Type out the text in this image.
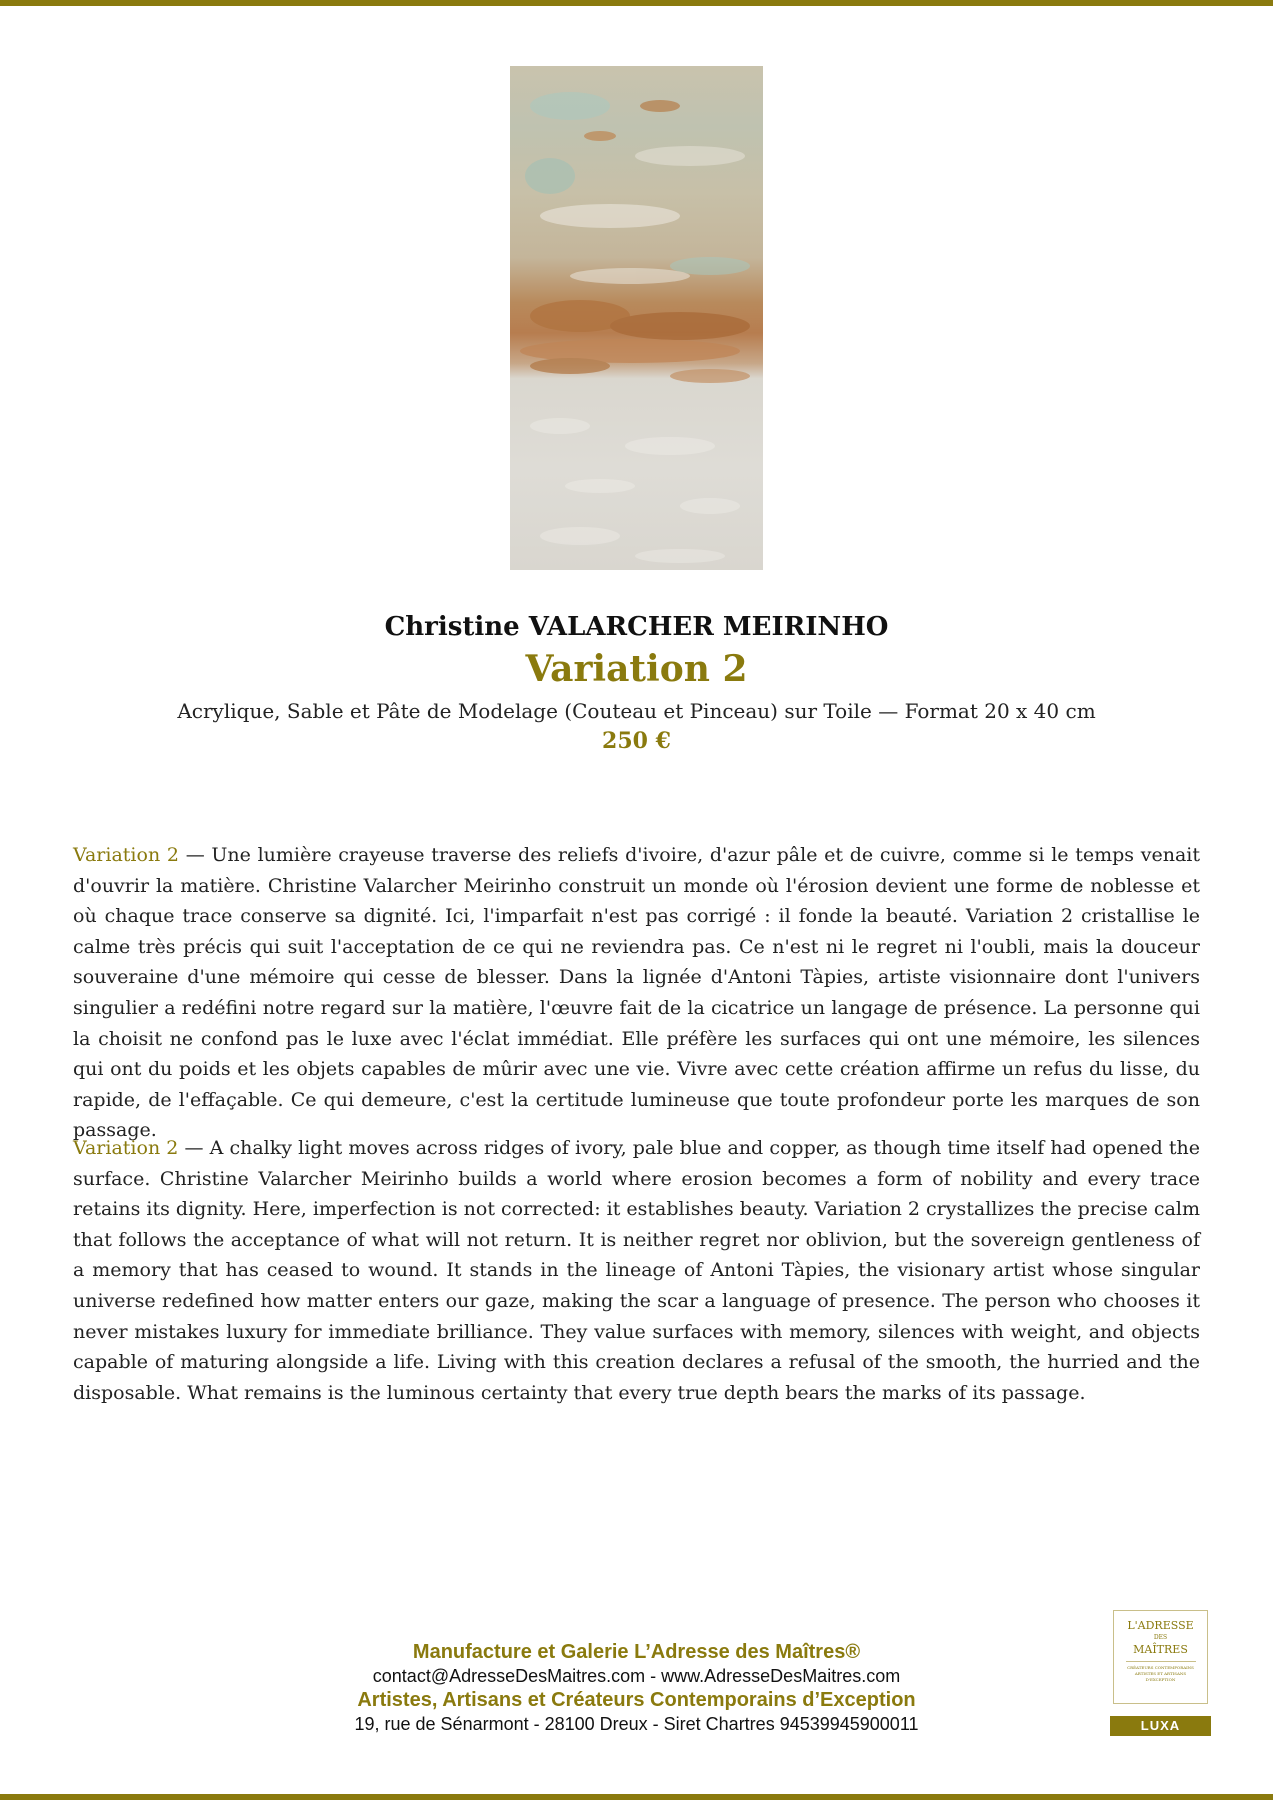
Christine VALARCHER MEIRINHO
Variation 2
Acrylique, Sable et Pâte de Modelage (Couteau et Pinceau) sur Toile — Format 20 x 40 cm
250 €

Variation 2 — Une lumière crayeuse traverse des reliefs d'ivoire, d'azur pâle et de cuivre, comme si le temps venait d'ouvrir la matière. Christine Valarcher Meirinho construit un monde où l'érosion devient une forme de noblesse et où chaque trace conserve sa dignité. Ici, l'imparfait n'est pas corrigé : il fonde la beauté. Variation 2 cristallise le calme très précis qui suit l'acceptation de ce qui ne reviendra pas. Ce n'est ni le regret ni l'oubli, mais la douceur souveraine d'une mémoire qui cesse de blesser. Dans la lignée d'Antoni Tàpies, artiste visionnaire dont l'univers singulier a redéfini notre regard sur la matière, l'œuvre fait de la cicatrice un langage de présence. La personne qui la choisit ne confond pas le luxe avec l'éclat immédiat. Elle préfère les surfaces qui ont une mémoire, les silences qui ont du poids et les objets capables de mûrir avec une vie. Vivre avec cette création affirme un refus du lisse, du rapide, de l'effaçable. Ce qui demeure, c'est la certitude lumineuse que toute profondeur porte les marques de son passage.

Variation 2 — A chalky light moves across ridges of ivory, pale blue and copper, as though time itself had opened the surface. Christine Valarcher Meirinho builds a world where erosion becomes a form of nobility and every trace retains its dignity. Here, imperfection is not corrected: it establishes beauty. Variation 2 crystallizes the precise calm that follows the acceptance of what will not return. It is neither regret nor oblivion, but the sovereign gentleness of a memory that has ceased to wound. It stands in the lineage of Antoni Tàpies, the visionary artist whose singular universe redefined how matter enters our gaze, making the scar a language of presence. The person who chooses it never mistakes luxury for immediate brilliance. They value surfaces with memory, silences with weight, and objects capable of maturing alongside a life. Living with this creation declares a refusal of the smooth, the hurried and the disposable. What remains is the luminous certainty that every true depth bears the marks of its passage.

Manufacture et Galerie L’Adresse des Maîtres®
contact@AdresseDesMaitres.com - www.AdresseDesMaitres.com
Artistes, Artisans et Créateurs Contemporains d’Exception
19, rue de Sénarmont - 28100 Dreux - Siret Chartres 94539945900011
L'ADRESSE
DES
MAÎTRES
CRÉATEURS CONTEMPORAINS ARTISTES ET ARTISANS D'EXCEPTION
LUXA
